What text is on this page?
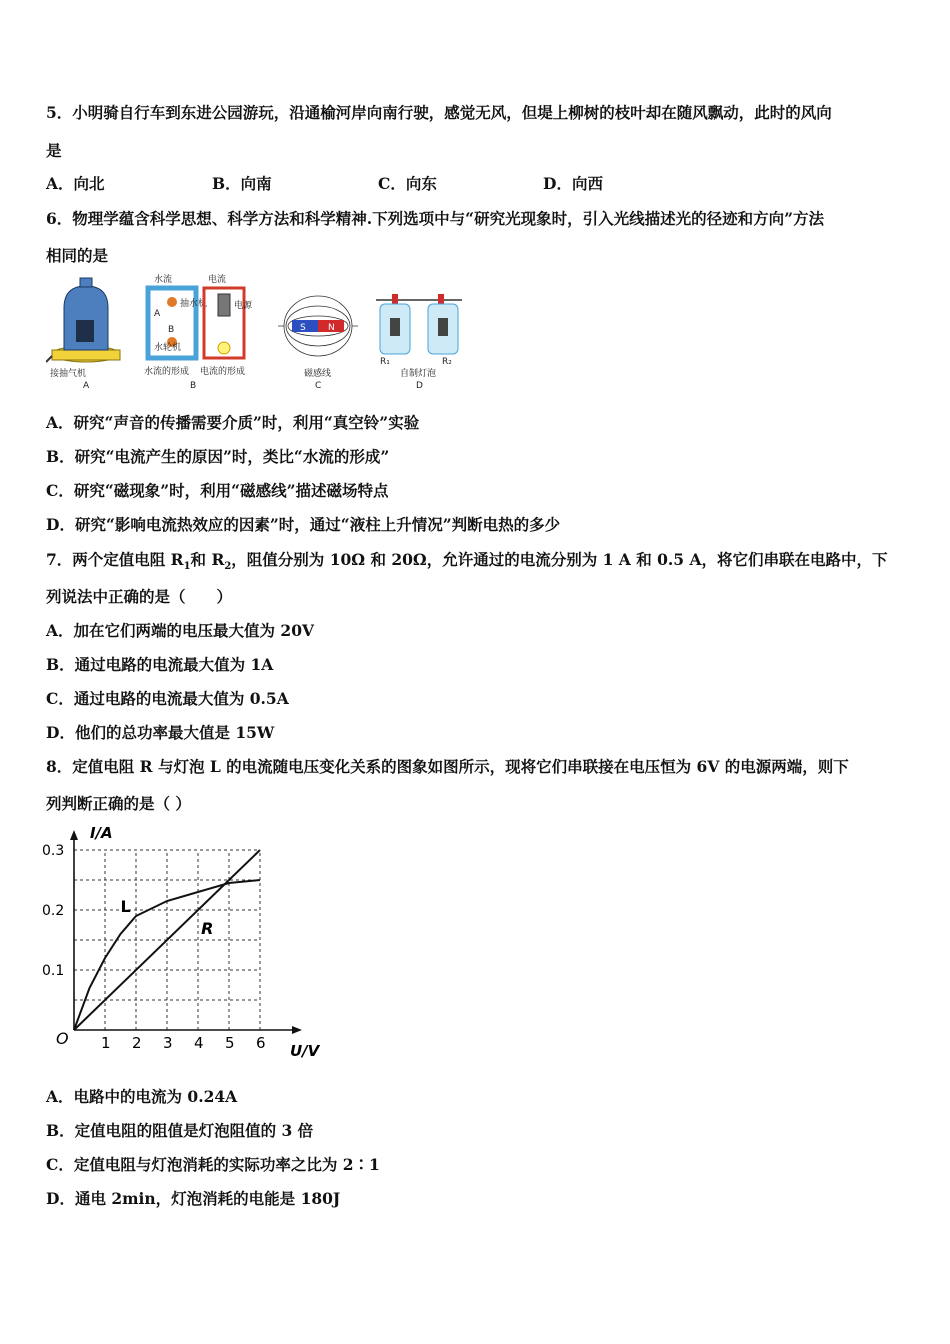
5．小明骑自行车到东进公园游玩，沿通榆河岸向南行驶，感觉无风，但堤上柳树的枝叶却在随风飘动，此时的风向
是
A．向北	B．向南	C．向东	D．向西
6．物理学蕴含科学思想、科学方法和科学精神.下列选项中与“研究光现象时，引入光线描述光的径迹和方向”方法
相同的是
接抽气机
A
水流	电流
抽水机
水轮机
A
B
电源
水流的形成 电流的形成
B
S N
磁感线
C
R₁	R₂
自制灯泡
D
A．研究“声音的传播需要介质”时，利用“真空铃”实验
B．研究“电流产生的原因”时，类比“水流的形成”
C．研究“磁现象”时，利用“磁感线”描述磁场特点
D．研究“影响电流热效应的因素”时，通过“液柱上升情况”判断电热的多少
7．两个定值电阻 $R_1$和 $R_2$，阻值分别为 10Ω 和 20Ω，允许通过的电流分别为 1 A 和 0.5 A，将它们串联在电路中，下
列说法中正确的是（　　）
A．加在它们两端的电压最大值为 20V
B．通过电路的电流最大值为 1A
C．通过电路的电流最大值为 0.5A
D．他们的总功率最大值是 15W
8．定值电阻 R 与灯泡 L 的电流随电压变化关系的图象如图所示，现将它们串联接在电压恒为 6V 的电源两端，则下
列判断正确的是（ ）
1 2 3 4 5 6
0.1
0.2
0.3
O
I/A
U/V
L
R
A．电路中的电流为 0.24A
B．定值电阻的阻值是灯泡阻值的 3 倍
C．定值电阻与灯泡消耗的实际功率之比为 2∶1
D．通电 2min，灯泡消耗的电能是 180J
